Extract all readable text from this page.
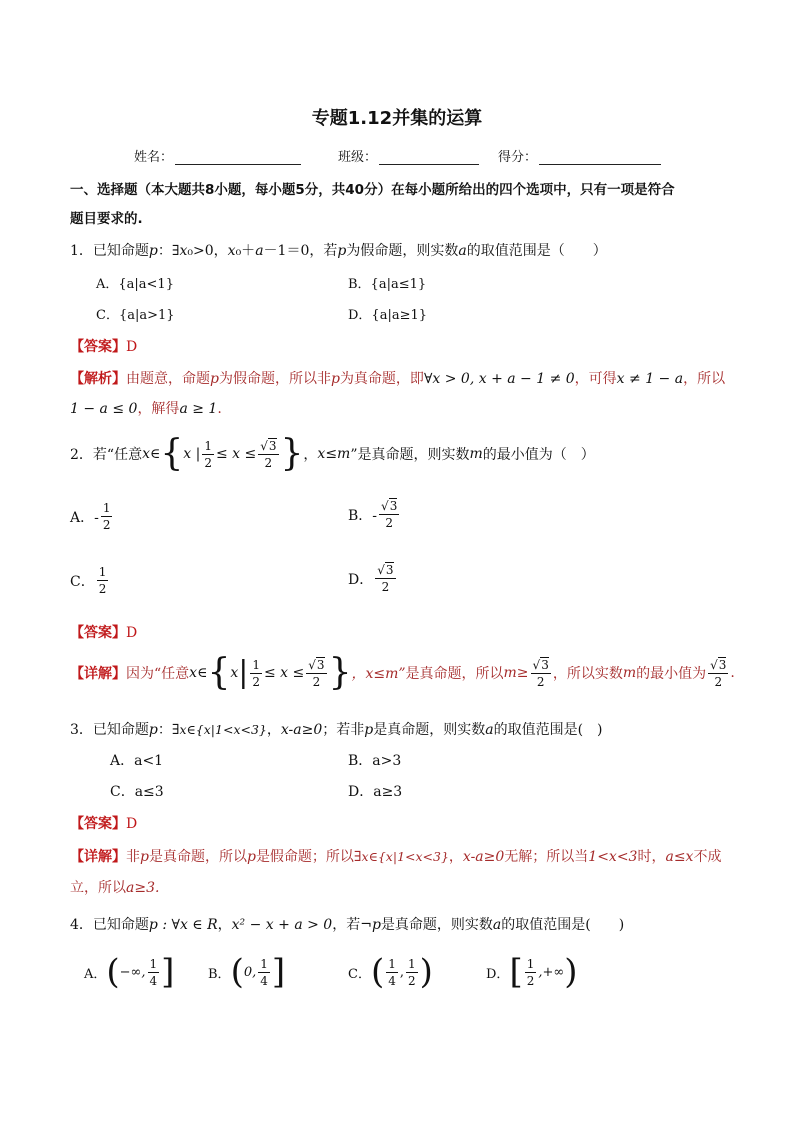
专题1.12并集的运算
姓名：	班级：	得分：
一、选择题（本大题共8小题，每小题5分，共40分）在每小题所给出的四个选项中，只有一项是符合
题目要求的.
1．已知命题p：∃x₀>0，x₀＋a－1＝0，若p为假命题，则实数a的取值范围是（　　）
A．{a|a<1}	B．{a|a≤1}
C．{a|a>1}	D．{a|a≥1}
【答案】D
【解析】由题意，命题p为假命题，所以非p为真命题，即∀x > 0, x + a − 1 ≠ 0，可得x ≠ 1 − a，所以
1 − a ≤ 0，解得a ≥ 1.
2．若“任意 x∈ { x | $\frac{1}{2} \le x \le \frac{√3}{2}$ } ， x≤m ”是真命题，则实数 m 的最小值为（　）
A．- $\frac{1}{2}$	B．- $\frac{√3}{2}$
C． $\frac{1}{2}$	D． $\frac{√3}{2}$
【答案】D
【详解】 因为“任意 x∈ { x | $\frac{1}{2} \le x \le \frac{√3}{2}$ } ，x≤m” 是真命题，所以 $m\ge \frac{√3}{2}$ ，所以实数 m 的最小值为 $\frac{√3}{2}$ .
3．已知命题p：∃x∈{x|1<x<3}，x-a≥0；若非p是真命题，则实数a的取值范围是(　)
A．a<1	B．a>3
C．a≤3	D．a≥3
【答案】D
【详解】非p是真命题，所以p是假命题；所以∃x∈{x|1<x<3}，x-a≥0无解；所以当1<x<3时，a≤x不成
立，所以a≥3.
4．已知命题p : ∀x ∈ R，x² − x + a > 0，若¬p是真命题，则实数a的取值范围是(　　)
A． ( −∞, $\frac{1}{4}$ ]	B． ( 0, $\frac{1}{4}$ ]	C． ( $\frac{1}{4}$ , $\frac{1}{2}$ )	D． [ $\frac{1}{2}$ ,+∞ )
